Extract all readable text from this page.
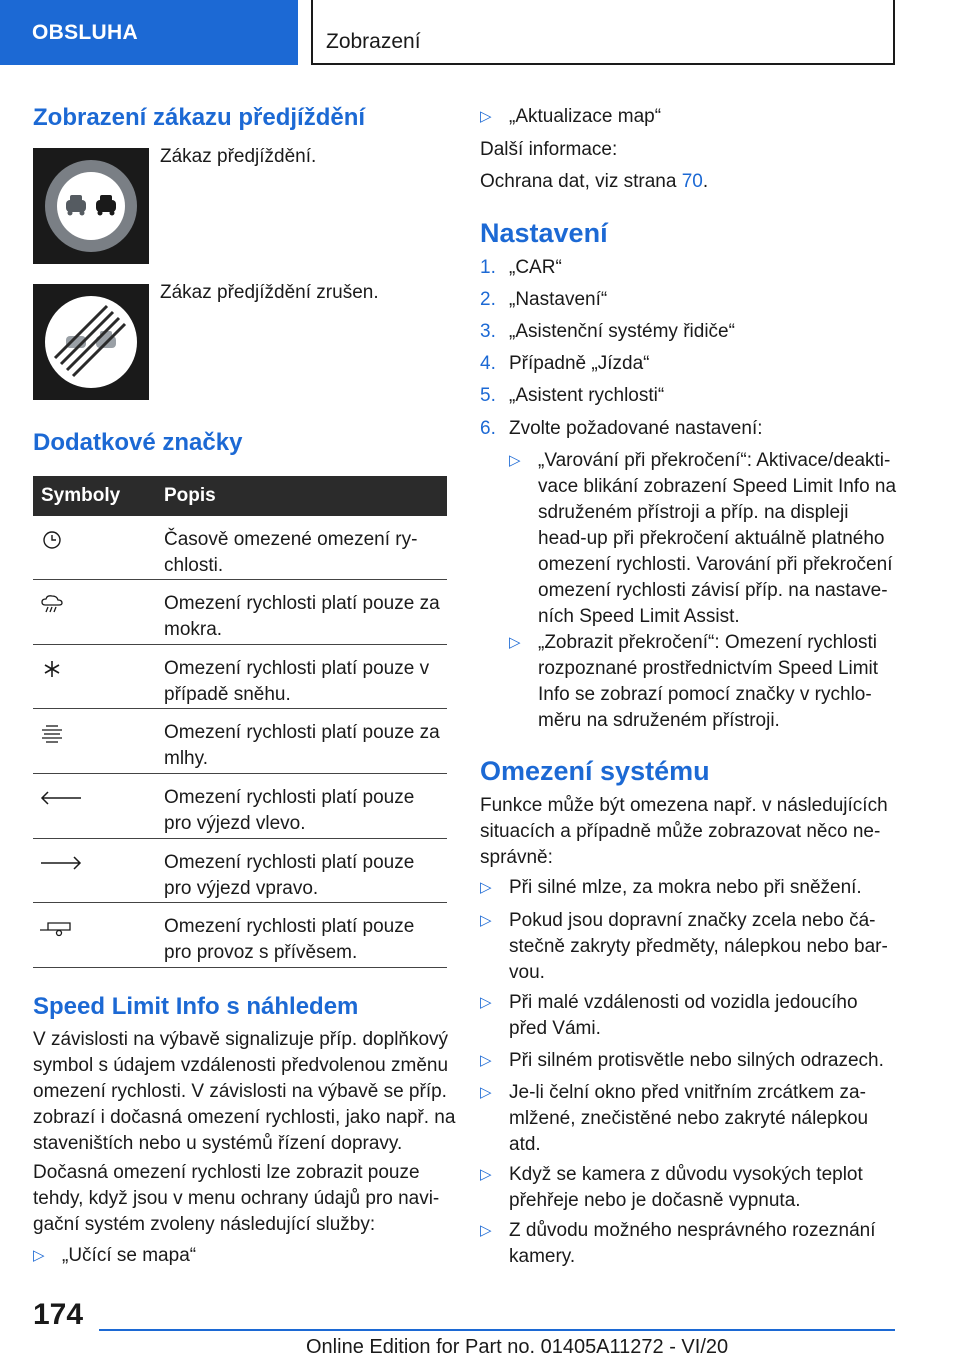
OBSLUHA	Zobrazení
Zobrazení zákazu předjíždění
Zákaz předjíždění.
Zákaz předjíždění zrušen.
Dodatkové značky
Symboly Popis
Časově omezené omezení ry-
chlosti.
Omezení rychlosti platí pouze za
mokra.
Omezení rychlosti platí pouze v
případě sněhu.
Omezení rychlosti platí pouze za
mlhy.
Omezení rychlosti platí pouze
pro výjezd vlevo.
Omezení rychlosti platí pouze
pro výjezd vpravo.
Omezení rychlosti platí pouze
pro provoz s přívěsem.
Speed Limit Info s náhledem
V závislosti na výbavě signalizuje příp. doplňkový
symbol s údajem vzdálenosti předvolenou změnu
omezení rychlosti. V závislosti na výbavě se příp.
zobrazí i dočasná omezení rychlosti, jako např. na
staveništích nebo u systémů řízení dopravy.
Dočasná omezení rychlosti lze zobrazit pouze
tehdy, když jsou v menu ochrany údajů pro navi-
gační systém zvoleny následující služby:
▷ „Učící se mapa“
▷ „Aktualizace map“
Další informace:
Ochrana dat, viz strana 70.
Nastavení
1. „CAR“
2. „Nastavení“
3. „Asistenční systémy řidiče“
4. Případně „Jízda“
5. „Asistent rychlosti“
6. Zvolte požadované nastavení:
▷ „Varování při překročení“: Aktivace/deakti-
vace blikání zobrazení Speed Limit Info na
sdruženém přístroji a příp. na displeji
head-up při překročení aktuálně platného
omezení rychlosti. Varování při překročení
omezení rychlosti závisí příp. na nastave-
ních Speed Limit Assist.
▷ „Zobrazit překročení“: Omezení rychlosti
rozpoznané prostřednictvím Speed Limit
Info se zobrazí pomocí značky v rychlo-
měru na sdruženém přístroji.
Omezení systému
Funkce může být omezena např. v následujících
situacích a případně může zobrazovat něco ne-
správně:
▷ Při silné mlze, za mokra nebo při sněžení.
▷ Pokud jsou dopravní značky zcela nebo čá-
stečně zakryty předměty, nálepkou nebo bar-
vou.
▷ Při malé vzdálenosti od vozidla jedoucího
před Vámi.
▷ Při silném protisvětle nebo silných odrazech.
▷ Je-li čelní okno před vnitřním zrcátkem za-
mlžené, znečistěné nebo zakryté nálepkou
atd.
▷ Když se kamera z důvodu vysokých teplot
přehřeje nebo je dočasně vypnuta.
▷ Z důvodu možného nesprávného rozeznání
kamery.
174
Online Edition for Part no. 01405A11272 - VI/20
